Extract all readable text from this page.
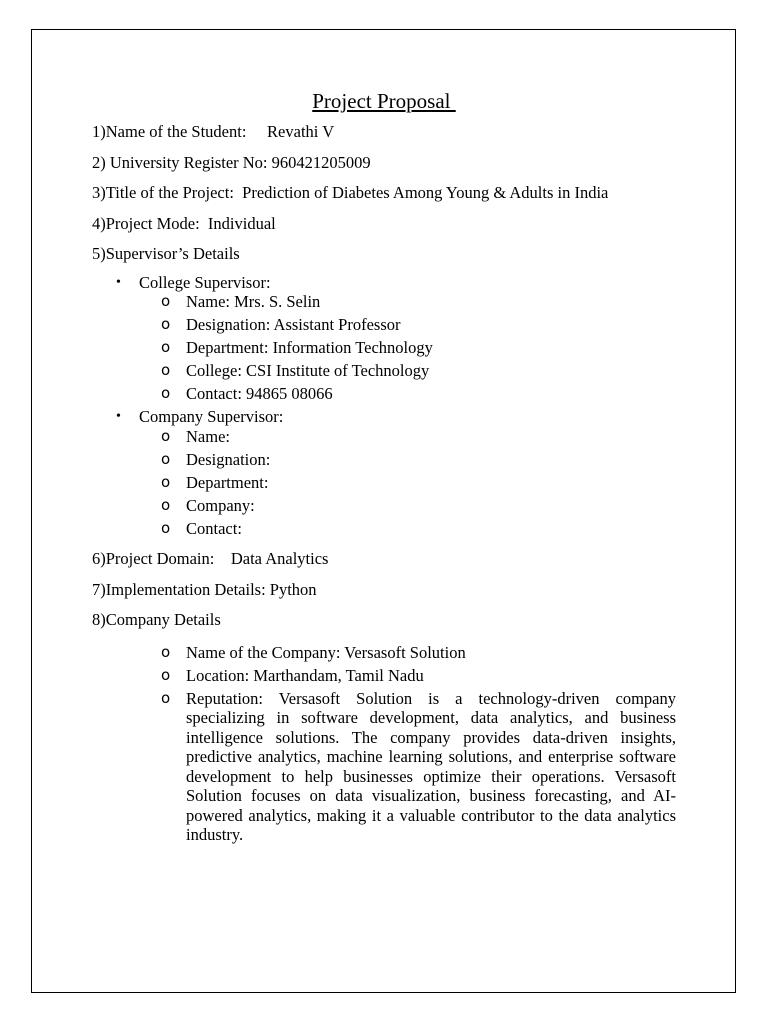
Project Proposal
1)Name of the Student:     Revathi V
2) University Register No: 960421205009
3)Title of the Project:  Prediction of Diabetes Among Young & Adults in India
4)Project Mode:  Individual
5)Supervisor’s Details
• College Supervisor:
o Name: Mrs. S. Selin
o Designation: Assistant Professor
o Department: Information Technology
o College: CSI Institute of Technology
o Contact: 94865 08066
• Company Supervisor:
o Name:
o Designation:
o Department:
o Company:
o Contact:
6)Project Domain:    Data Analytics
7)Implementation Details: Python
8)Company Details
o Name of the Company: Versasoft Solution
o Location: Marthandam, Tamil Nadu
o Reputation: Versasoft Solution is a technology-driven company specializing in software development, data analytics, and business intelligence solutions. The company provides data-driven insights, predictive analytics, machine learning solutions, and enterprise software development to help businesses optimize their operations. Versasoft Solution focuses on data visualization, business forecasting, and AI-powered analytics, making it a valuable contributor to the data analytics industry.
